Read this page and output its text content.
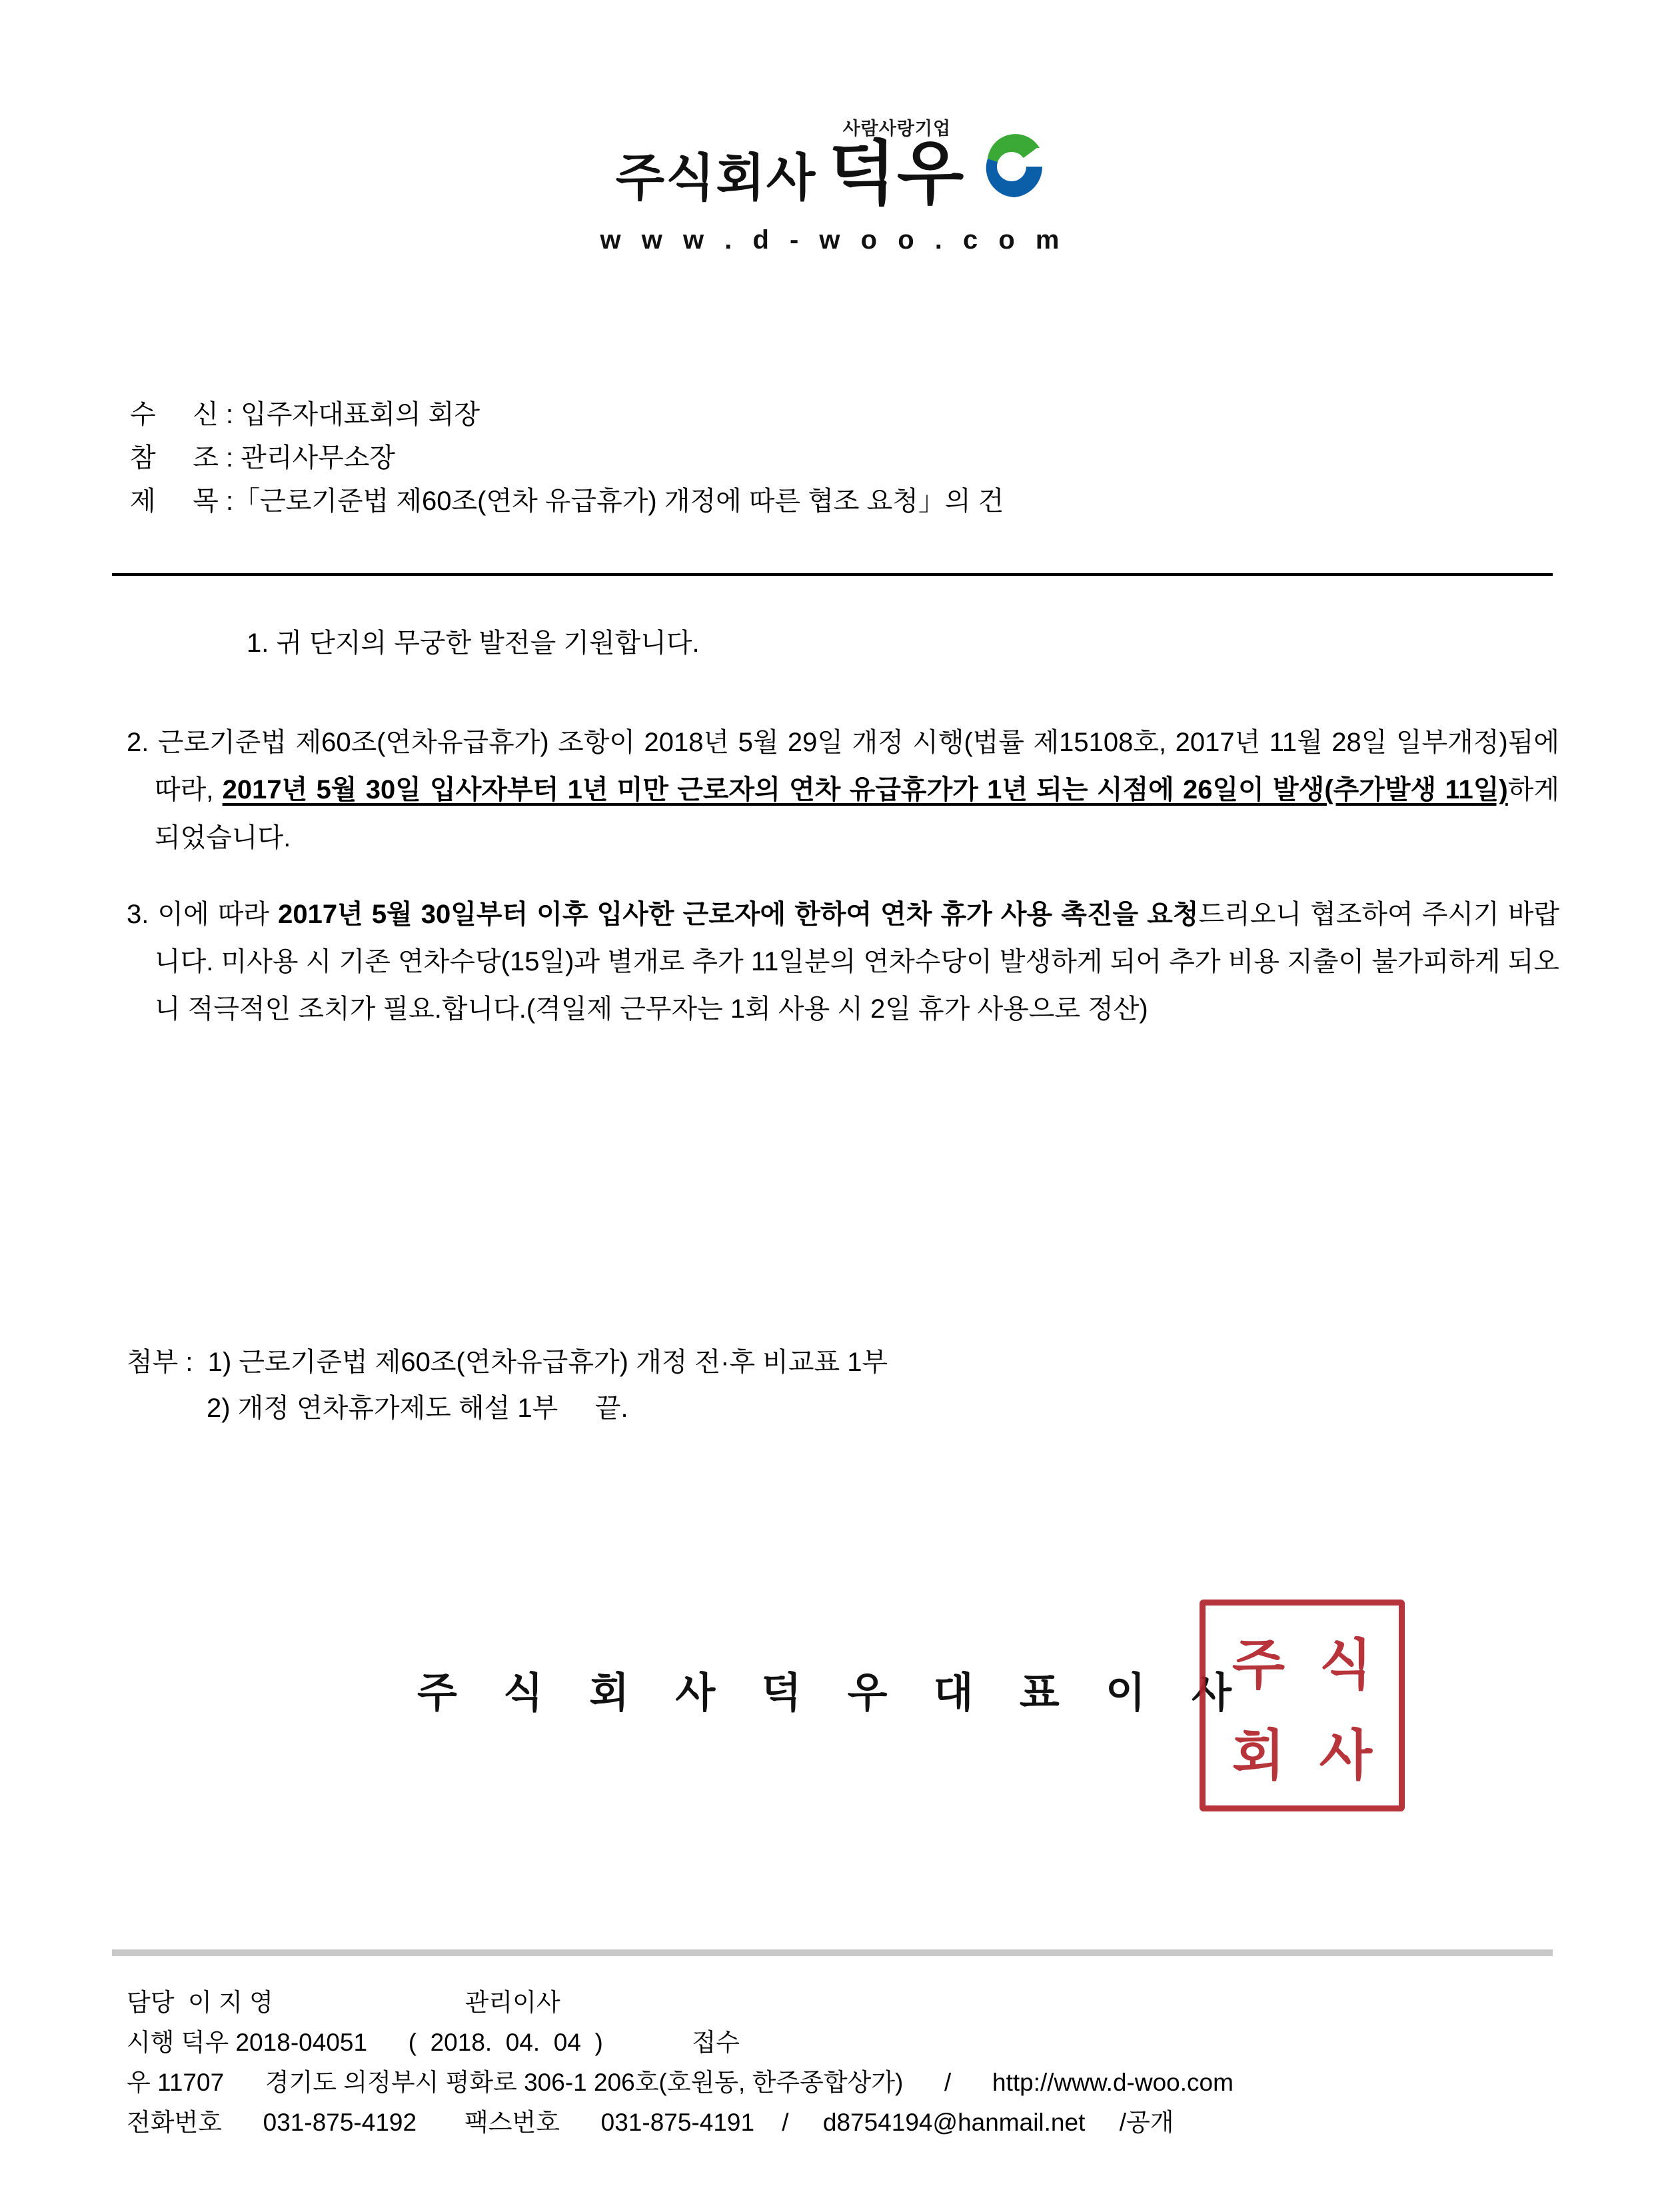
주식회사
사람사랑기업
덕우
w w w . d - w o o . c o m
수     신 : 입주자대표회의 회장
참     조 : 관리사무소장
제     목 :「근로기준법 제60조(연차 유급휴가) 개정에 따른 협조 요청」의 건
1. 귀 단지의 무궁한 발전을 기원합니다.
2. 근로기준법 제60조(연차유급휴가) 조항이 2018년 5월 29일 개정 시행(법률 제15108호, 2017년 11월 28일 일부개정)됨에 따라, 2017년 5월 30일 입사자부터 1년 미만 근로자의 연차 유급휴가가 1년 되는 시점에 26일이 발생(추가발생 11일)하게 되었습니다.
3. 이에 따라 2017년 5월 30일부터 이후 입사한 근로자에 한하여 연차 휴가 사용 촉진을 요청드리오니 협조하여 주시기 바랍니다. 미사용 시 기존 연차수당(15일)과 별개로 추가 11일분의 연차수당이 발생하게 되어 추가 비용 지출이 불가피하게 되오니 적극적인 조치가 필요.합니다.(격일제 근무자는 1회 사용 시 2일 휴가 사용으로 정산)
첨부 :  1) 근로기준법 제60조(연차유급휴가) 개정 전·후 비교표 1부
2) 개정 연차휴가제도 해설 1부     끝.
주 식 회 사 덕 우 대 표 이 사
주 식
회 사
담당  이 지 영                            관리이사
시행 덕우 2018-04051      (  2018.  04.  04  )             접수
우 11707      경기도 의정부시 평화로 306-1 206호(호원동, 한주종합상가)      /      http://www.d-woo.com
전화번호      031-875-4192       팩스번호      031-875-4191    /     d8754194@hanmail.net     /공개
